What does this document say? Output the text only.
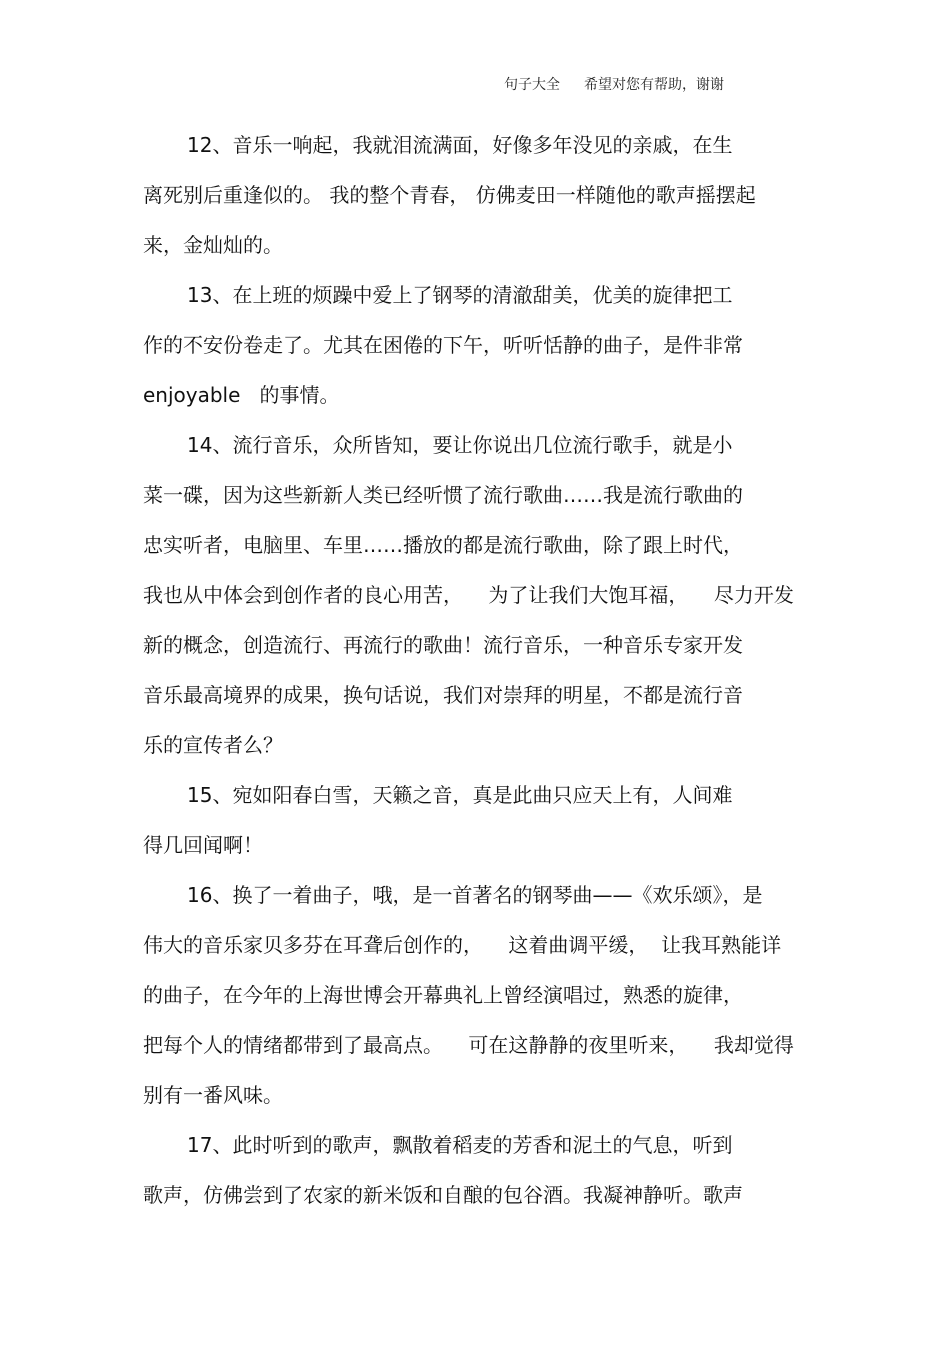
句子大全 希望对您有帮助，谢谢
12、音乐一响起，我就泪流满面，好像多年没见的亲戚，在生
离死别后重逢似的。 我的整个青春， 仿佛麦田一样随他的歌声摇摆起
来，金灿灿的。
13、在上班的烦躁中爱上了钢琴的清澈甜美，优美的旋律把工
作的不安份卷走了。尤其在困倦的下午，听听恬静的曲子，是件非常
enjoyable   的事情。
14、流行音乐，众所皆知，要让你说出几位流行歌手，就是小
菜一碟，因为这些新新人类已经听惯了流行歌曲……我是流行歌曲的
忠实听者，电脑里、车里……播放的都是流行歌曲，除了跟上时代，
我也从中体会到创作者的良心用苦，    为了让我们大饱耳福，    尽力开发
新的概念，创造流行、再流行的歌曲！流行音乐，一种音乐专家开发
音乐最高境界的成果，换句话说，我们对崇拜的明星，不都是流行音
乐的宣传者么？
15、宛如阳春白雪，天籁之音，真是此曲只应天上有，人间难
得几回闻啊！
16、换了一着曲子，哦，是一首著名的钢琴曲——《欢乐颂》，是
伟大的音乐家贝多芬在耳聋后创作的，    这着曲调平缓，  让我耳熟能详
的曲子，在今年的上海世博会开幕典礼上曾经演唱过，熟悉的旋律，
把每个人的情绪都带到了最高点。    可在这静静的夜里听来，    我却觉得
别有一番风味。
17、此时听到的歌声，飘散着稻麦的芳香和泥土的气息，听到
歌声，仿佛尝到了农家的新米饭和自酿的包谷酒。我凝神静听。歌声
